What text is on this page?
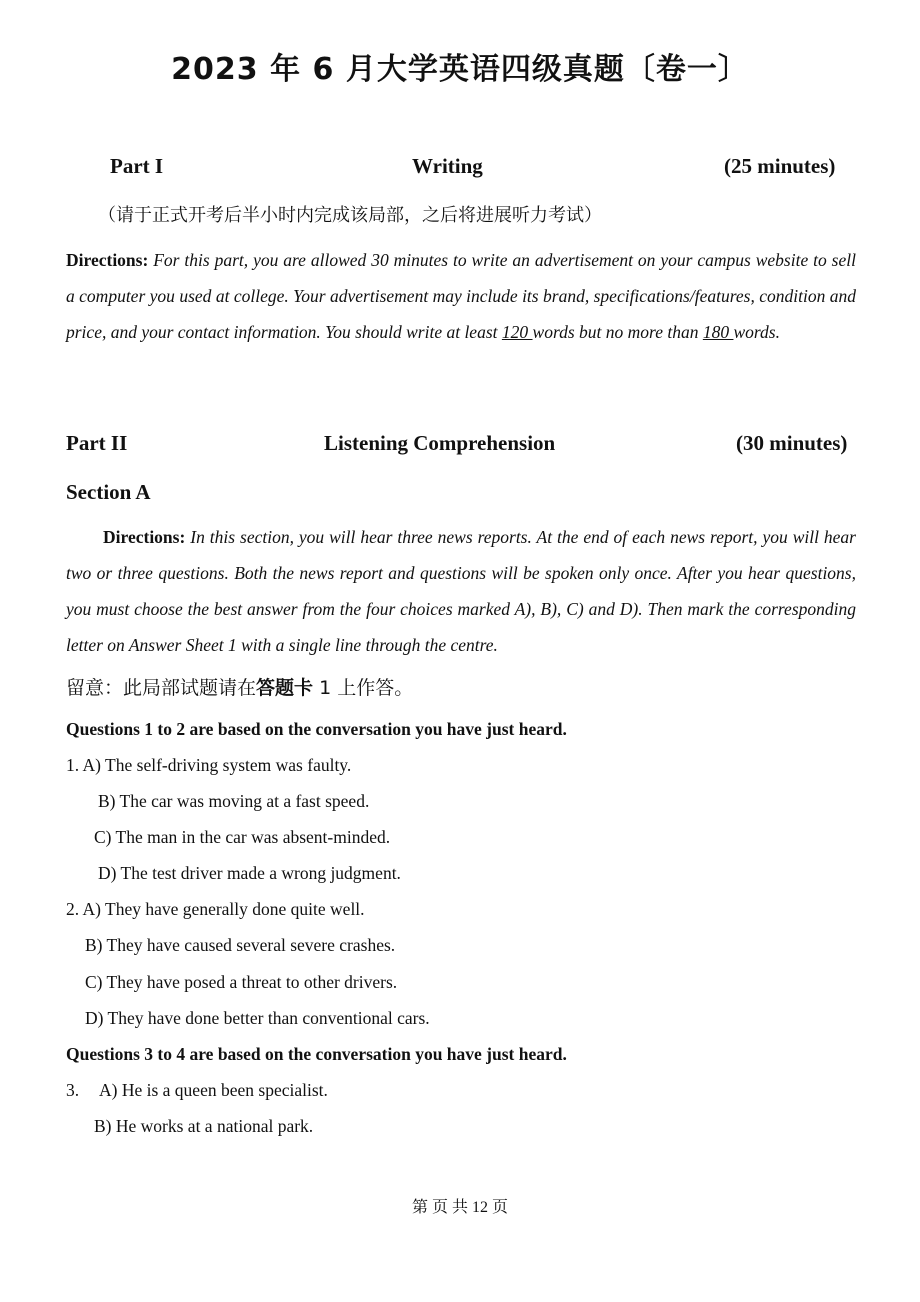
2023 年 6 月大学英语四级真题〔卷一〕
Part I	Writing	(25 minutes)
（请于正式开考后半小时内完成该局部，之后将进展听力考试）
Directions: For this part, you are allowed 30 minutes to write an advertisement on your campus website to sell a computer you used at college. Your advertisement may include its brand, specifications/features, condition and price, and your contact information. You should write at least 120 words but no more than 180 words.
Part II	Listening Comprehension	(30 minutes)
Section A
Directions: In this section, you will hear three news reports. At the end of each news report, you will hear two or three questions. Both the news report and questions will be spoken only once. After you hear questions, you must choose the best answer from the four choices marked A), B), C) and D). Then mark the corresponding letter on Answer Sheet 1 with a single line through the centre.
留意：此局部试题请在答题卡 1 上作答。
Questions 1 to 2 are based on the conversation you have just heard.
1. A) The self-driving system was faulty.
B) The car was moving at a fast speed.
C) The man in the car was absent-minded.
D) The test driver made a wrong judgment.
2. A) They have generally done quite well.
B) They have caused several severe crashes.
C) They have posed a threat to other drivers.
D) They have done better than conventional cars.
Questions 3 to 4 are based on the conversation you have just heard.
3. A) He is a queen been specialist.
B) He works at a national park.
第 页 共 12 页
